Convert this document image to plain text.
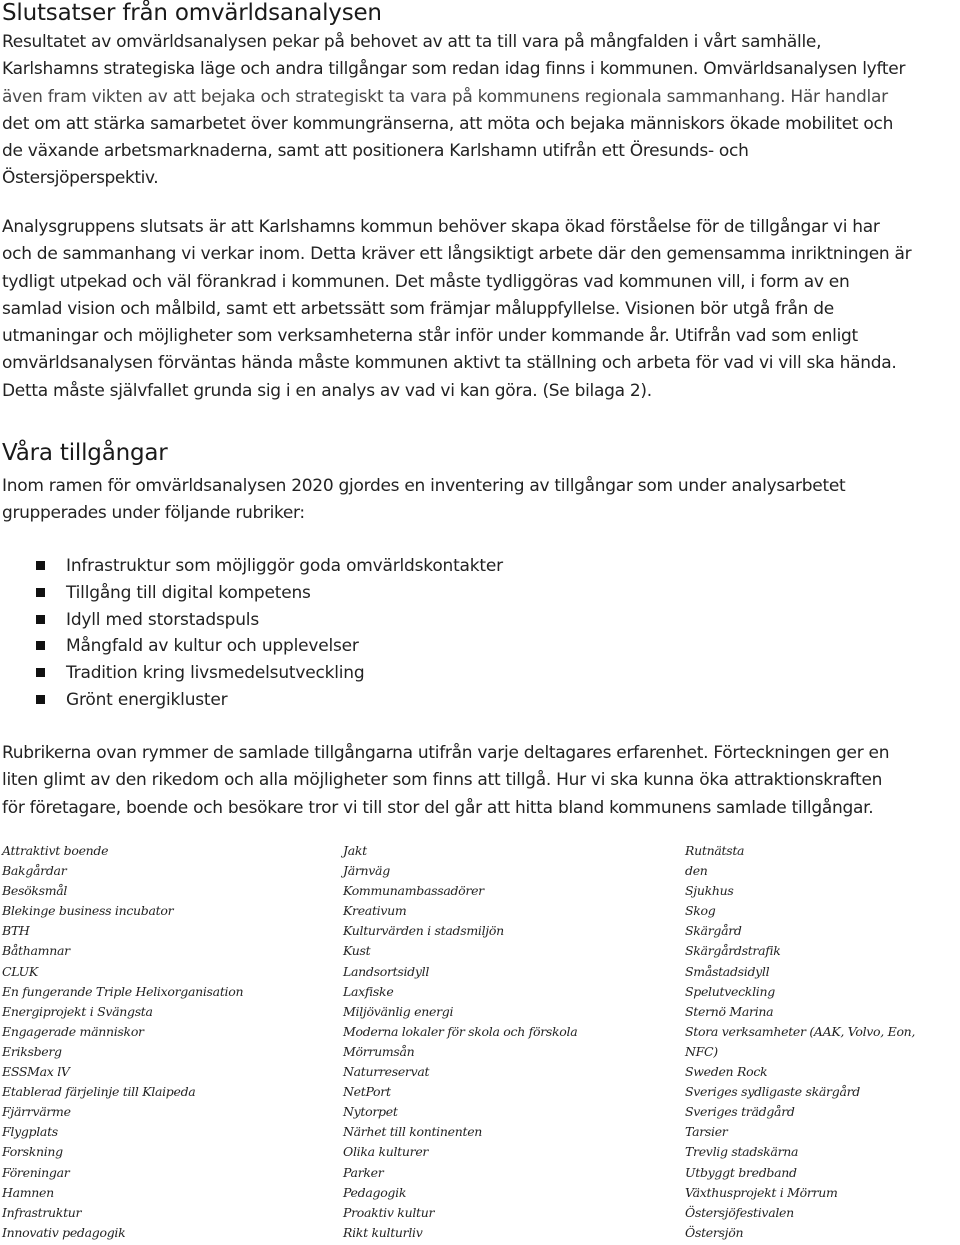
Slutsatser från omvärldsanalysen
Resultatet av omvärldsanalysen pekar på behovet av att ta till vara på mångfalden i vårt samhälle,
Karlshamns strategiska läge och andra tillgångar som redan idag finns i kommunen. Omvärldsanalysen lyfter
även fram vikten av att bejaka och strategiskt ta vara på kommunens regionala sammanhang. Här handlar
det om att stärka samarbetet över kommungränserna, att möta och bejaka människors ökade mobilitet och
de växande arbetsmarknaderna, samt att positionera Karlshamn utifrån ett Öresunds- och
Östersjöperspektiv.
Analysgruppens slutsats är att Karlshamns kommun behöver skapa ökad förståelse för de tillgångar vi har
och de sammanhang vi verkar inom. Detta kräver ett långsiktigt arbete där den gemensamma inriktningen är
tydligt utpekad och väl förankrad i kommunen. Det måste tydliggöras vad kommunen vill, i form av en
samlad vision och målbild, samt ett arbetssätt som främjar måluppfyllelse. Visionen bör utgå från de
utmaningar och möjligheter som verksamheterna står inför under kommande år. Utifrån vad som enligt
omvärldsanalysen förväntas hända måste kommunen aktivt ta ställning och arbeta för vad vi vill ska hända.
Detta måste självfallet grunda sig i en analys av vad vi kan göra. (Se bilaga 2).
Våra tillgångar
Inom ramen för omvärldsanalysen 2020 gjordes en inventering av tillgångar som under analysarbetet
grupperades under följande rubriker:
Infrastruktur som möjliggör goda omvärldskontakter
Tillgång till digital kompetens
Idyll med storstadspuls
Mångfald av kultur och upplevelser
Tradition kring livsmedelsutveckling
Grönt energikluster
Rubrikerna ovan rymmer de samlade tillgångarna utifrån varje deltagares erfarenhet. Förteckningen ger en
liten glimt av den rikedom och alla möjligheter som finns att tillgå. Hur vi ska kunna öka attraktionskraften
för företagare, boende och besökare tror vi till stor del går att hitta bland kommunens samlade tillgångar.
Attraktivt boende
Bakgårdar
Besöksmål
Blekinge business incubator
BTH
Båthamnar
CLUK
En fungerande Triple Helixorganisation
Energiprojekt i Svängsta
Engagerade människor
Eriksberg
ESSMax lV
Etablerad färjelinje till Klaipeda
Fjärrvärme
Flygplats
Forskning
Föreningar
Hamnen
Infrastruktur
Innovativ pedagogik
Jakt
Järnväg
Kommunambassadörer
Kreativum
Kulturvärden i stadsmiljön
Kust
Landsortsidyll
Laxfiske
Miljövänlig energi
Moderna lokaler för skola och förskola
Mörrumsån
Naturreservat
NetPort
Nytorpet
Närhet till kontinenten
Olika kulturer
Parker
Pedagogik
Proaktiv kultur
Rikt kulturliv
Rutnätsta
den
Sjukhus
Skog
Skärgård
Skärgårdstrafik
Småstadsidyll
Spelutveckling
Sternö Marina
Stora verksamheter (AAK, Volvo, Eon,
NFC)
Sweden Rock
Sveriges sydligaste skärgård
Sveriges trädgård
Tarsier
Trevlig stadskärna
Utbyggt bredband
Växthusprojekt i Mörrum
Östersjöfestivalen
Östersjön
